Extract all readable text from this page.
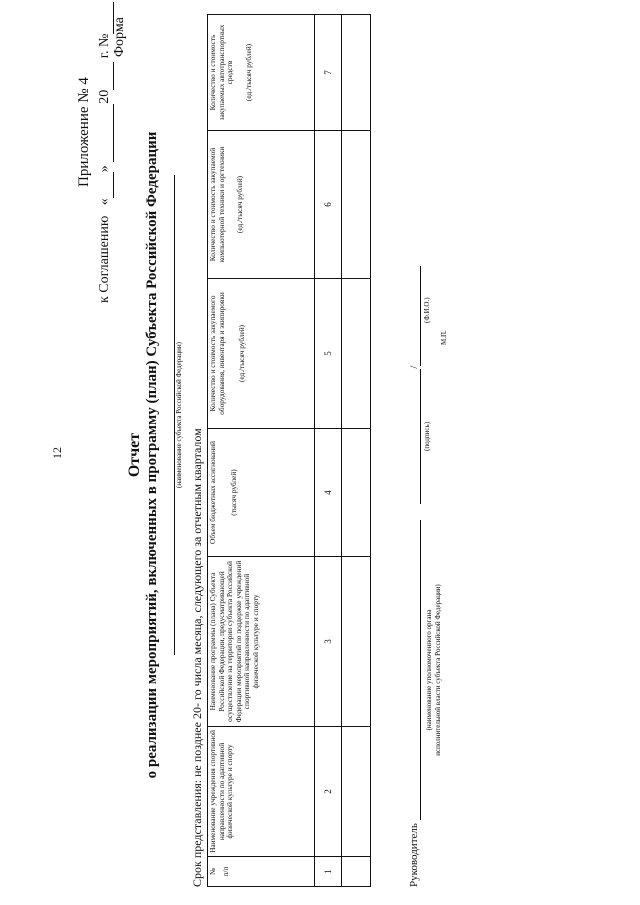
12
Приложение № 4
к Соглашению   « »  20  г. № Форма
Отчет о реализации мероприятий, включенных в программу (план) Субъекта Российской Федерации (наименование субъекта Российской Федерации)
Срок представления: не позднее 20- го числа месяца, следующего за отчетным кварталом № п/п	Наименование учреждения спортивной направленности по адаптивной физической культуре и спорту	Наименование программы (плана) Субъекта Российской Федерации, предусматривающей осуществление на территории субъекта Российской Федерации мероприятий по поддержке учреждений спортивной направленности по адаптивной физической культуре и спорту	Объем бюджетных ассигнований (тысяч рублей)	Количество и стоимость закупаемого оборудования, инвентаря и экипировки (ед./тысяч рублей)	Количество и стоимость закупаемой компьютерной техники и оргтехники (ед./тысяч рублей)	Количество и стоимость закупаемых автотранспортных средств (ед./тысяч рублей)

1	2	3	4	5	6	7

Руководитель    /
(наименование уполномоченного органа
исполнительной власти субъекта Российской Федерации)
(подпись)
(Ф.И.О.)
М.П.
